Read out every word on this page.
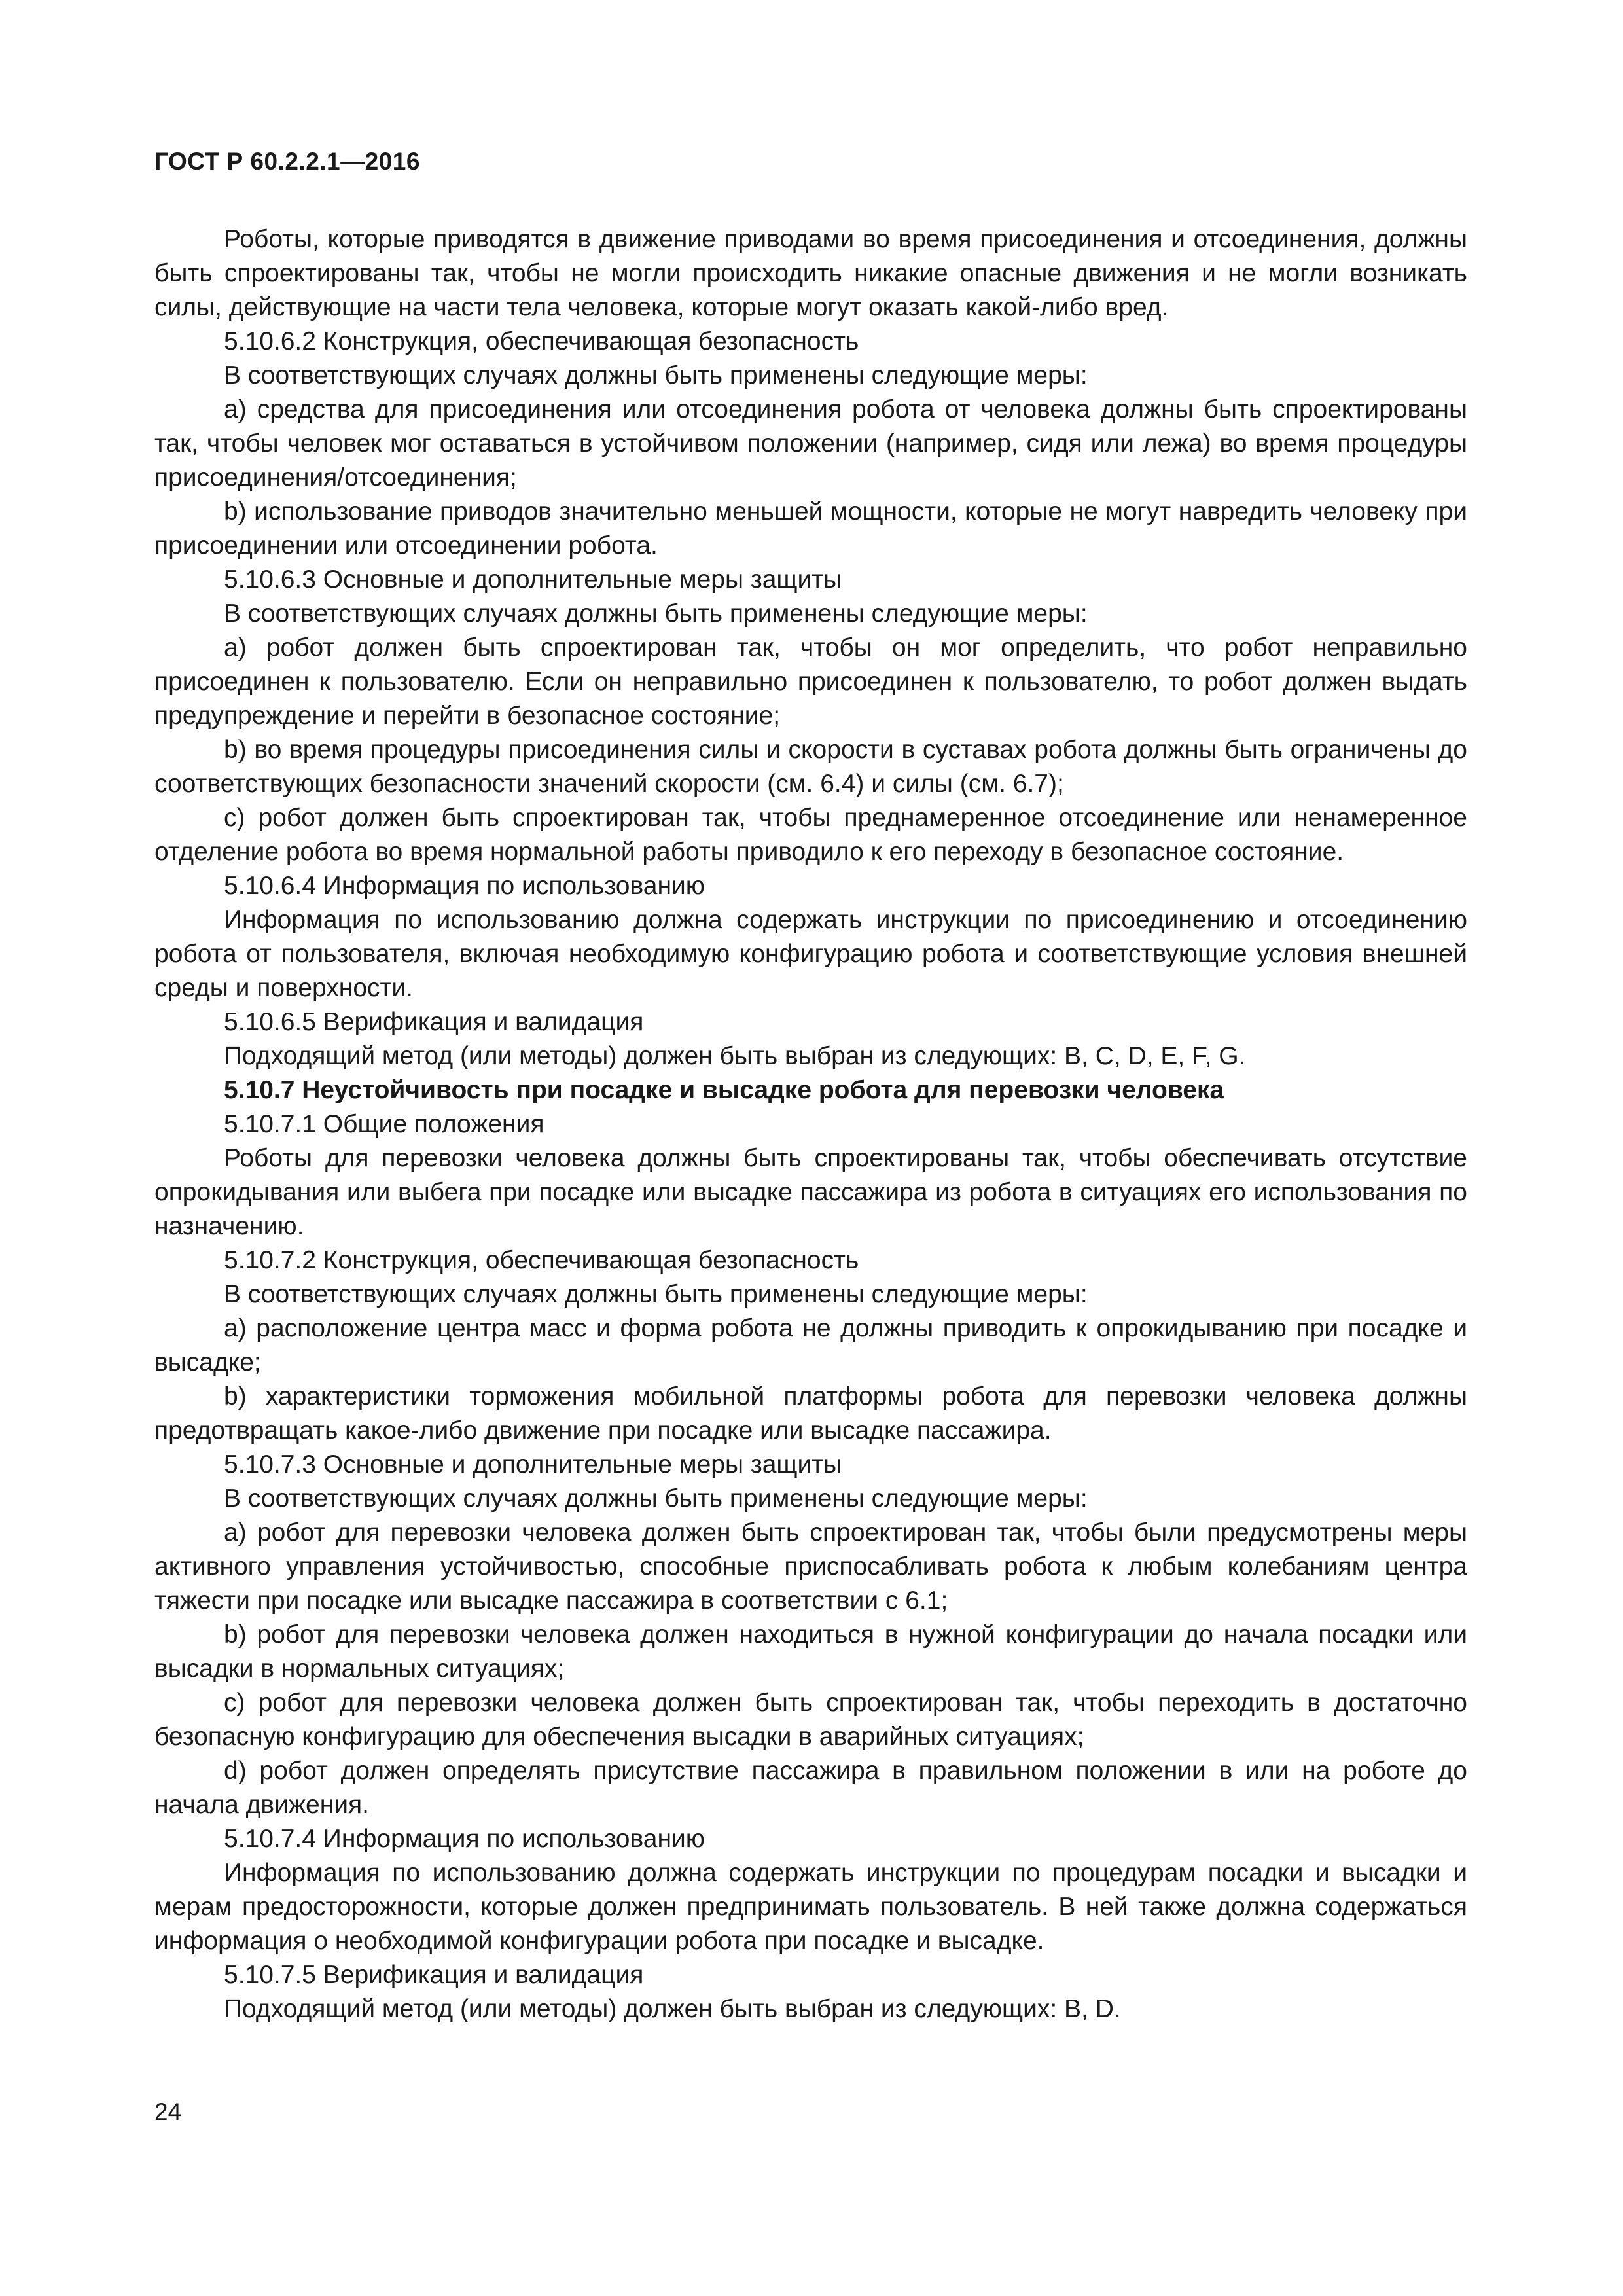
ГОСТ Р 60.2.2.1—2016

Роботы, которые приводятся в движение приводами во время присоединения и отсоединения, должны быть спроектированы так, чтобы не могли происходить никакие опасные движения и не могли возникать силы, действующие на части тела человека, которые могут оказать какой-либо вред.

5.10.6.2 Конструкция, обеспечивающая безопасность

В соответствующих случаях должны быть применены следующие меры:

a) средства для присоединения или отсоединения робота от человека должны быть спроектированы так, чтобы человек мог оставаться в устойчивом положении (например, сидя или лежа) во время процедуры присоединения/отсоединения;

b) использование приводов значительно меньшей мощности, которые не могут навредить человеку при присоединении или отсоединении робота.

5.10.6.3 Основные и дополнительные меры защиты

В соответствующих случаях должны быть применены следующие меры:

a) робот должен быть спроектирован так, чтобы он мог определить, что робот неправильно присоединен к пользователю. Если он неправильно присоединен к пользователю, то робот должен выдать предупреждение и перейти в безопасное состояние;

b) во время процедуры присоединения силы и скорости в суставах робота должны быть ограничены до соответствующих безопасности значений скорости (см. 6.4) и силы (см. 6.7);

c) робот должен быть спроектирован так, чтобы преднамеренное отсоединение или ненамеренное отделение робота во время нормальной работы приводило к его переходу в безопасное состояние.

5.10.6.4 Информация по использованию

Информация по использованию должна содержать инструкции по присоединению и отсоединению робота от пользователя, включая необходимую конфигурацию робота и соответствующие условия внешней среды и поверхности.

5.10.6.5 Верификация и валидация

Подходящий метод (или методы) должен быть выбран из следующих: B, C, D, E, F, G.

5.10.7 Неустойчивость при посадке и высадке робота для перевозки человека

5.10.7.1 Общие положения

Роботы для перевозки человека должны быть спроектированы так, чтобы обеспечивать отсутствие опрокидывания или выбега при посадке или высадке пассажира из робота в ситуациях его использования по назначению.

5.10.7.2 Конструкция, обеспечивающая безопасность

В соответствующих случаях должны быть применены следующие меры:

a) расположение центра масс и форма робота не должны приводить к опрокидыванию при посадке и высадке;

b) характеристики торможения мобильной платформы робота для перевозки человека должны предотвращать какое-либо движение при посадке или высадке пассажира.

5.10.7.3 Основные и дополнительные меры защиты

В соответствующих случаях должны быть применены следующие меры:

a) робот для перевозки человека должен быть спроектирован так, чтобы были предусмотрены меры активного управления устойчивостью, способные приспосабливать робота к любым колебаниям центра тяжести при посадке или высадке пассажира в соответствии с 6.1;

b) робот для перевозки человека должен находиться в нужной конфигурации до начала посадки или высадки в нормальных ситуациях;

c) робот для перевозки человека должен быть спроектирован так, чтобы переходить в достаточно безопасную конфигурацию для обеспечения высадки в аварийных ситуациях;

d) робот должен определять присутствие пассажира в правильном положении в или на роботе до начала движения.

5.10.7.4 Информация по использованию

Информация по использованию должна содержать инструкции по процедурам посадки и высадки и мерам предосторожности, которые должен предпринимать пользователь. В ней также должна содержаться информация о необходимой конфигурации робота при посадке и высадке.

5.10.7.5 Верификация и валидация

Подходящий метод (или методы) должен быть выбран из следующих: B, D.

24
